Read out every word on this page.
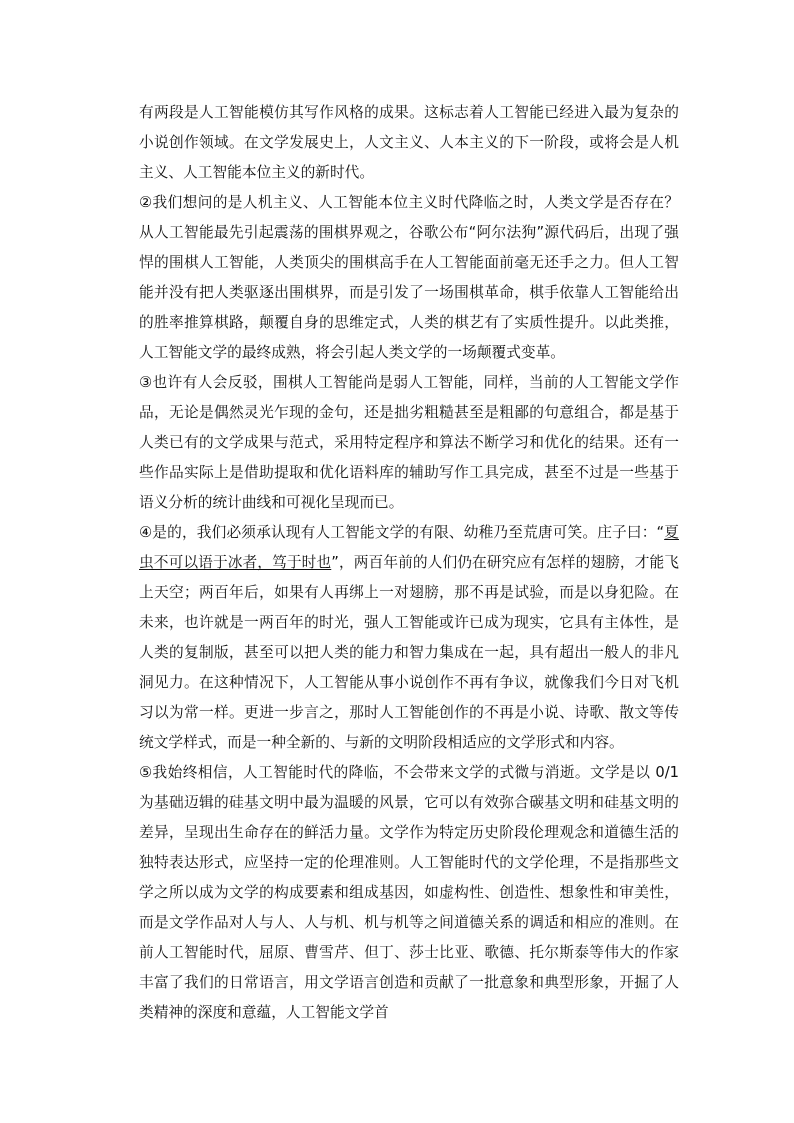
有两段是人工智能模仿其写作风格的成果。这标志着人工智能已经进入最为复杂的小说创作领域。在文学发展史上，人文主义、人本主义的下一阶段，或将会是人机主义、人工智能本位主义的新时代。

②我们想问的是人机主义、人工智能本位主义时代降临之时，人类文学是否存在？从人工智能最先引起震荡的围棋界观之，谷歌公布“阿尔法狗”源代码后，出现了强悍的围棋人工智能，人类顶尖的围棋高手在人工智能面前毫无还手之力。但人工智能并没有把人类驱逐出围棋界，而是引发了一场围棋革命，棋手依靠人工智能给出的胜率推算棋路，颠覆自身的思维定式，人类的棋艺有了实质性提升。以此类推，人工智能文学的最终成熟，将会引起人类文学的一场颠覆式变革。

③也许有人会反驳，围棋人工智能尚是弱人工智能，同样，当前的人工智能文学作品，无论是偶然灵光乍现的金句，还是拙劣粗糙甚至是粗鄙的句意组合，都是基于人类已有的文学成果与范式，采用特定程序和算法不断学习和优化的结果。还有一些作品实际上是借助提取和优化语料库的辅助写作工具完成，甚至不过是一些基于语义分析的统计曲线和可视化呈现而已。

④是的，我们必须承认现有人工智能文学的有限、幼稚乃至荒唐可笑。庄子曰：“夏虫不可以语于冰者，笃于时也”，两百年前的人们仍在研究应有怎样的翅膀，才能飞上天空；两百年后，如果有人再绑上一对翅膀，那不再是试验，而是以身犯险。在未来，也许就是一两百年的时光，强人工智能或许已成为现实，它具有主体性，是人类的复制版，甚至可以把人类的能力和智力集成在一起，具有超出一般人的非凡洞见力。在这种情况下，人工智能从事小说创作不再有争议，就像我们今日对飞机习以为常一样。更进一步言之，那时人工智能创作的不再是小说、诗歌、散文等传统文学样式，而是一种全新的、与新的文明阶段相适应的文学形式和内容。

⑤我始终相信，人工智能时代的降临，不会带来文学的式微与消逝。文学是以 0/1 为基础迈辑的硅基文明中最为温暖的风景，它可以有效弥合碳基文明和硅基文明的差异，呈现出生命存在的鲜活力量。文学作为特定历史阶段伦理观念和道德生活的独特表达形式，应坚持一定的伦理准则。人工智能时代的文学伦理，不是指那些文学之所以成为文学的构成要素和组成基因，如虚构性、创造性、想象性和审美性，而是文学作品对人与人、人与机、机与机等之间道德关系的调适和相应的准则。在前人工智能时代，屈原、曹雪芹、但丁、莎士比亚、歌德、托尔斯泰等伟大的作家丰富了我们的日常语言，用文学语言创造和贡献了一批意象和典型形象，开掘了人类精神的深度和意蕴，人工智能文学首
